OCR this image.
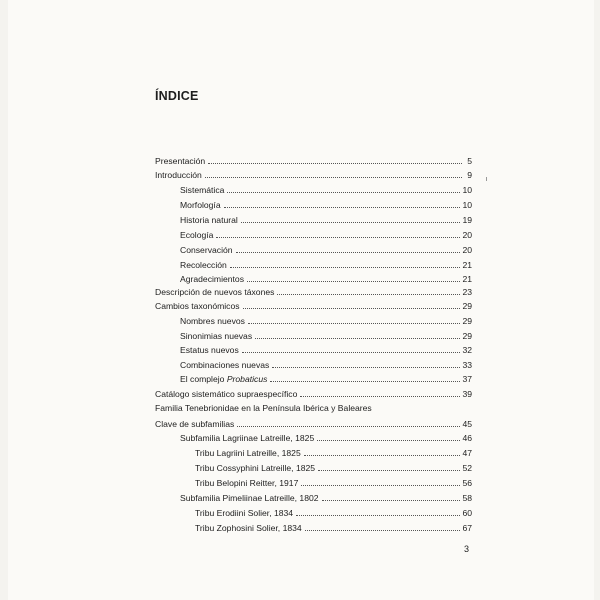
ÍNDICE
Presentación	5
Introducción	9
Sistemática	10
Morfología	10
Historia natural	19
Ecología	20
Conservación	20
Recolección	21
Agradecimientos	21
Descripción de nuevos táxones	23
Cambios taxonómicos	29
Nombres nuevos	29
Sinonimias nuevas	29
Estatus nuevos	32
Combinaciones nuevas	33
El complejo Probaticus	37
Catálogo sistemático supraespecífico	39
Familia Tenebrionidae en la Península Ibérica y Baleares
Clave de subfamilias	45
Subfamilia Lagriinae Latreille, 1825	46
Tribu Lagriini Latreille, 1825	47
Tribu Cossyphini Latreille, 1825	52
Tribu Belopini Reitter, 1917	56
Subfamilia Pimeliinae Latreille, 1802	58
Tribu Erodiini Solier, 1834	60
Tribu Zophosini Solier, 1834	67
3
